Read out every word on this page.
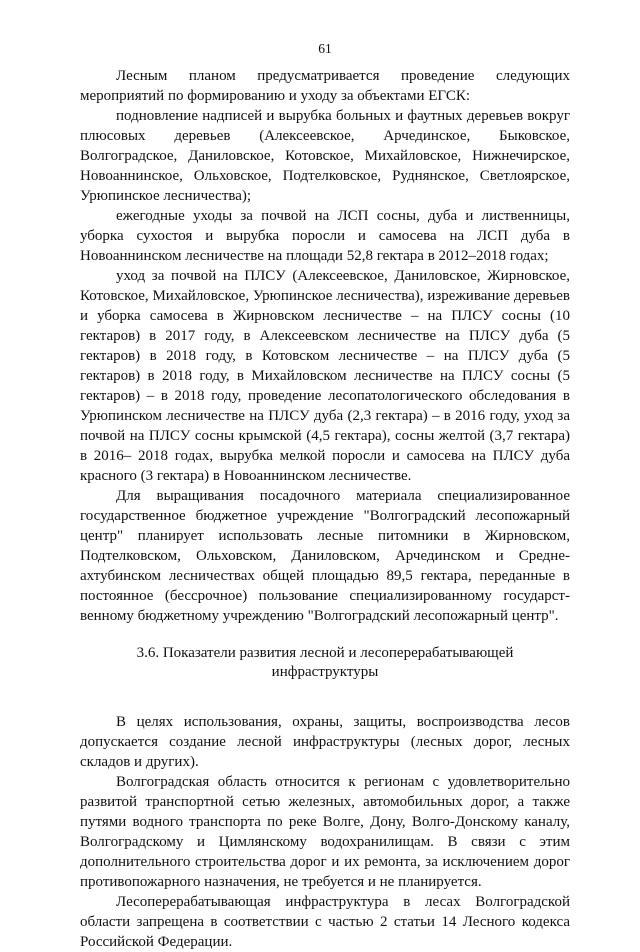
61

Лесным планом предусматривается проведение следующих мероприятий по формированию и уходу за объектами ЕГСК:

подновление надписей и вырубка больных и фаутных деревьев вокруг плюсовых деревьев (Алексеевское, Арчединское, Быковское, Волгоградское, Даниловское, Котовское, Михайловское, Нижнечирское, Новоаннинское, Ольховское, Подтелковское, Руднянское, Светлоярское, Урюпинское лесничества);

ежегодные уходы за почвой на ЛСП сосны, дуба и лиственницы, уборка сухостоя и вырубка поросли и самосева на ЛСП дуба в Новоаннинском лесничестве на площади 52,8 гектара в 2012–2018 годах;

уход за почвой на ПЛСУ (Алексеевское, Даниловское, Жирновское, Котовское, Михайловское, Урюпинское лесничества), изреживание деревьев и уборка самосева в Жирновском лесничестве – на ПЛСУ сосны (10 гектаров) в 2017 году, в Алексеевском лесничестве на ПЛСУ дуба (5 гектаров) в 2018 году, в Котовском лесничестве – на ПЛСУ дуба (5 гектаров) в 2018 году, в Михайловском лесничестве на ПЛСУ сосны (5 гектаров) – в 2018 году, проведение лесопатологического обследования в Урюпинском лесничестве на ПЛСУ дуба (2,3 гектара) – в 2016 году, уход за почвой на ПЛСУ сосны крымской (4,5 гектара), сосны желтой (3,7 гектара) в 2016– 2018 годах, вырубка мелкой поросли и самосева на ПЛСУ дуба красного (3 гектара) в Новоаннинском лесничестве.

Для выращивания посадочного материала специализированное государственное бюджетное учреждение "Волгоградский лесопожарный центр" планирует использовать лесные питомники в Жирновском, Подтелковском, Ольховском, Даниловском, Арчединском и Среднеахтубинском лесничествах общей площадью 89,5 гектара, переданные в постоянное (бессрочное) пользование специализированному государственному бюджетному учреждению "Волгоградский лесопожарный центр".

3.6. Показатели развития лесной и лесоперерабатывающей инфраструктуры

В целях использования, охраны, защиты, воспроизводства лесов допускается создание лесной инфраструктуры (лесных дорог, лесных складов и других).

Волгоградская область относится к регионам с удовлетворительно развитой транспортной сетью железных, автомобильных дорог, а также путями водного транспорта по реке Волге, Дону, Волго-Донскому каналу, Волгоградскому и Цимлянскому водохранилищам. В связи с этим дополнительного строительства дорог и их ремонта, за исключением дорог противопожарного назначения, не требуется и не планируется.

Лесоперерабатывающая инфраструктура в лесах Волгоградской области запрещена в соответствии с частью 2 статьи 14 Лесного кодекса Российской Федерации.
